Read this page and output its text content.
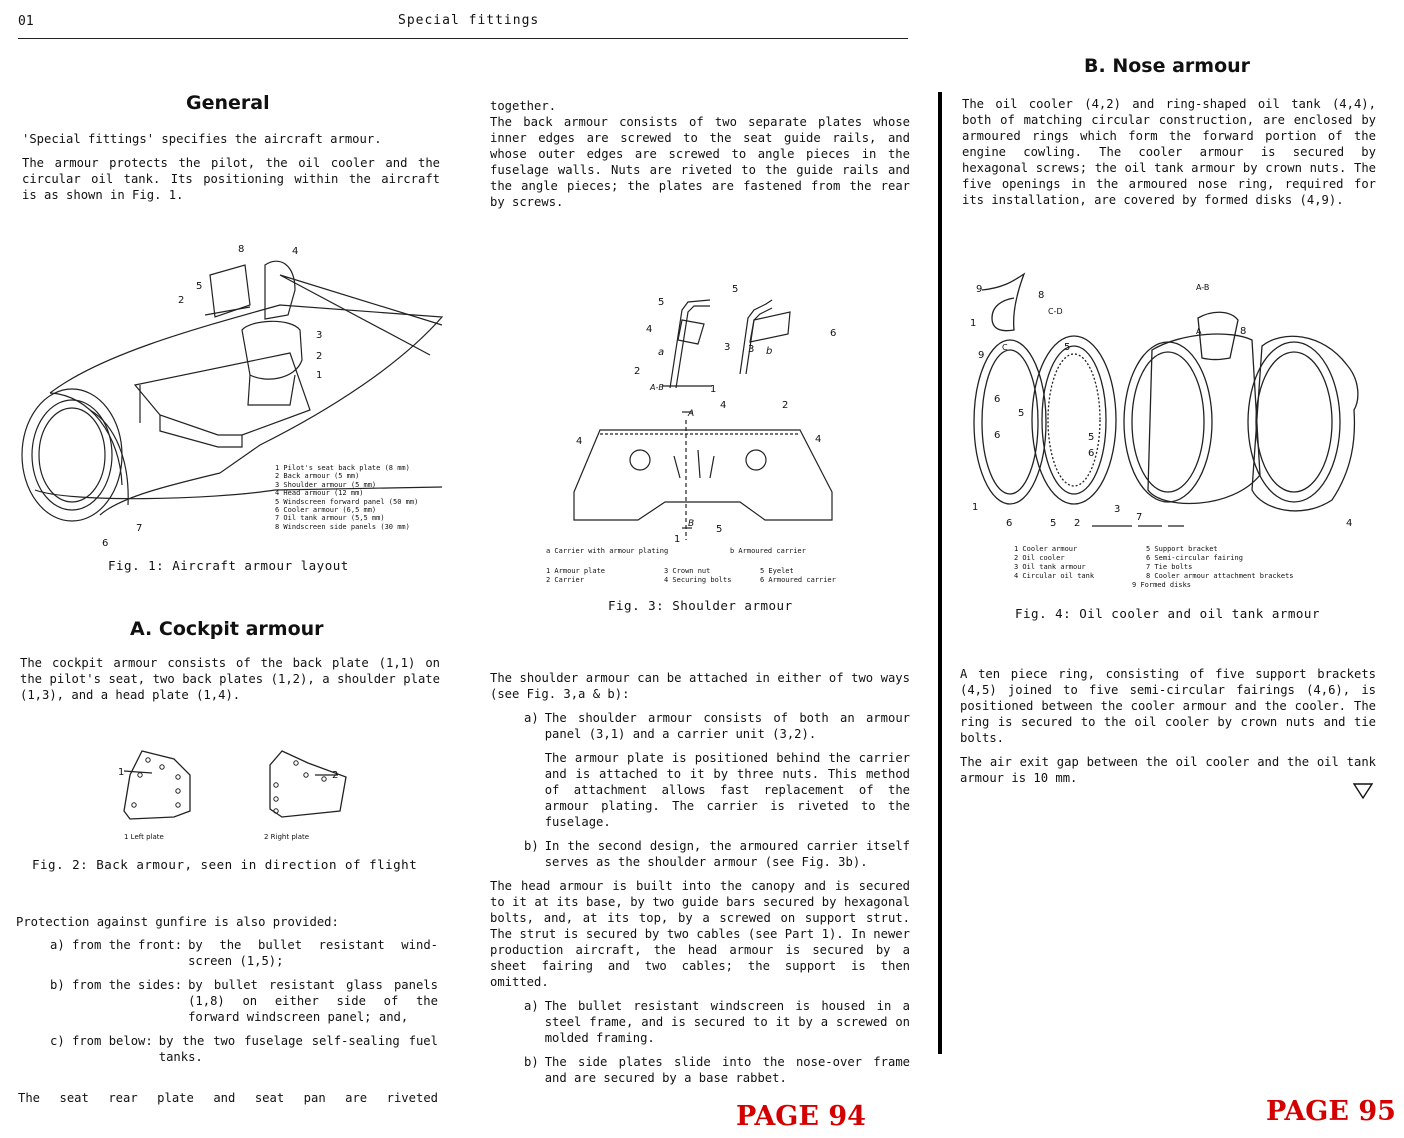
01	Special fittings
General

'Special fittings' specifies the aircraft armour.

The armour protects the pilot, the oil cooler and the circular oil tank. Its positioning within the aircraft is as shown in Fig. 1.

8	4
5
2
3
2
1
7
6
1 Pilot's seat back plate (8 mm)
2 Back armour (5 mm)
3 Shoulder armour (5 mm)
4 Head armour (12 mm)
5 Windscreen forward panel (50 mm)
6 Cooler armour (6,5 mm)
7 Oil tank armour (5,5 mm)
8 Windscreen side panels (30 mm)
Fig. 1: Aircraft armour layout
A. Cockpit armour

The cockpit armour consists of the back plate (1,1) on the pilot's seat, two back plates (1,2), a shoulder plate (1,3), and a head plate (1,4).

1	2
1 Left plate	2 Right plate
Fig. 2: Back armour, seen in direction of flight
Protection against gunfire is also provided:
a) from the front: by the bullet resistant wind-screen (1,5);
b) from the sides: by bullet resistant glass panels (1,8) on either side of the forward windscreen panel; and,
c) from below: by the two fuselage self-sealing fuel tanks.
The seat rear plate and seat pan are riveted
together.

The back armour consists of two separate plates whose inner edges are screwed to the seat guide rails, and whose outer edges are screwed to angle pieces in the fuselage walls. Nuts are riveted to the guide rails and the angle pieces; the plates are fastened from the rear by screws.

5
5
4
3 3
6
2
1
4	2
4	4
1
5
a	b
A-B
A
B
a Carrier with armour plating	b Armoured carrier
1 Armour plate	3 Crown nut	5 Eyelet
2 Carrier	4 Securing bolts	6 Armoured carrier
Fig. 3: Shoulder armour

The shoulder armour can be attached in either of two ways (see Fig. 3,a & b):

a) The shoulder armour consists of both an armour panel (3,1) and a carrier unit (3,2).
The armour plate is positioned behind the carrier and is attached to it by three nuts. This method of attachment allows fast replacement of the armour plating. The carrier is riveted to the fuselage.
b) In the second design, the armoured carrier itself serves as the shoulder armour (see Fig. 3b).

The head armour is built into the canopy and is secured to it at its base, by two guide bars secured by hexagonal bolts, and, at its top, by a screwed on support strut. The strut is secured by two cables (see Part 1). In newer production aircraft, the head armour is secured by a sheet fairing and two cables; the support is then omitted.

a) The bullet resistant windscreen is housed in a steel frame, and is secured to it by a screwed on molded framing.
b) The side plates slide into the nose-over frame and are secured by a base rabbet.
PAGE 94
B. Nose armour

The oil cooler (4,2) and ring-shaped oil tank (4,4), both of matching circular construction, are enclosed by armoured rings which form the forward portion of the engine cowling. The cooler armour is secured by hexagonal screws; the oil tank armour by crown nuts. The five openings in the armoured nose ring, required for its installation, are covered by formed disks (4,9).

9
8
1
9
5
6
5
6	5
6
1
6	5 2
3
7
4
8
C-D
A-B
C
A
1 Cooler armour	5 Support bracket
2 Oil cooler	6 Semi-circular fairing
3 Oil tank armour	7 Tie bolts
4 Circular oil tank	8 Cooler armour attachment brackets
9 Formed disks
Fig. 4: Oil cooler and oil tank armour

A ten piece ring, consisting of five support brackets (4,5) joined to five semi-circular fairings (4,6), is positioned between the cooler armour and the cooler. The ring is secured to the oil cooler by crown nuts and tie bolts.

The air exit gap between the oil cooler and the oil tank armour is 10 mm.

PAGE 95
